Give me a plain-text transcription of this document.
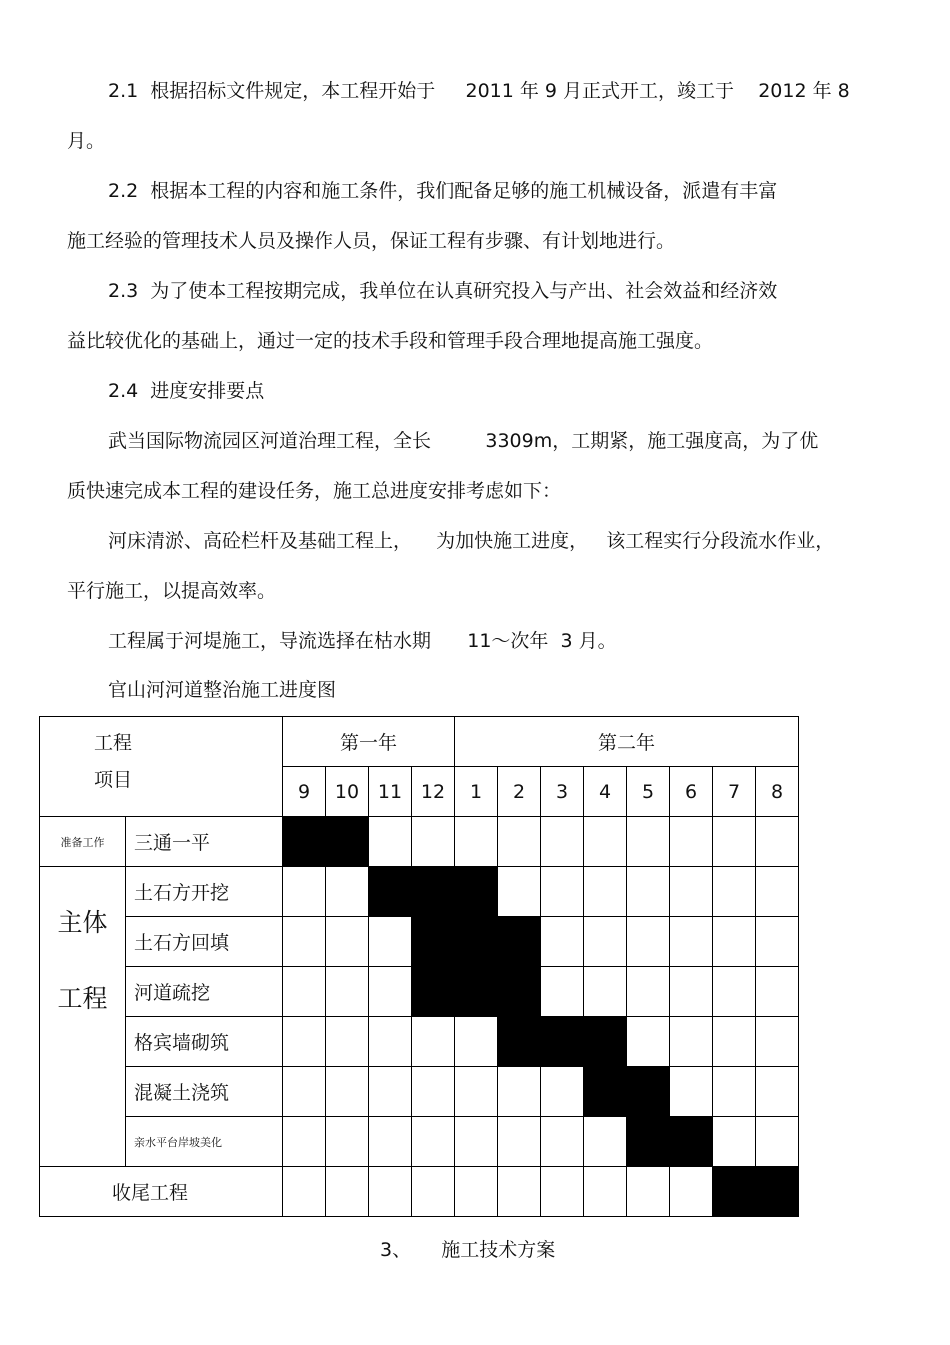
2.1  根据招标文件规定，本工程开始于     2011 年 9 月正式开工，竣工于    2012 年 8
月。
2.2  根据本工程的内容和施工条件，我们配备足够的施工机械设备，派遣有丰富
施工经验的管理技术人员及操作人员，保证工程有步骤、有计划地进行。
2.3  为了使本工程按期完成，我单位在认真研究投入与产出、社会效益和经济效
益比较优化的基础上，通过一定的技术手段和管理手段合理地提高施工强度。
2.4  进度安排要点
武当国际物流园区河道治理工程，全长         3309m，工期紧，施工强度高，为了优
质快速完成本工程的建设任务，施工总进度安排考虑如下：
河床清淤、高砼栏杆及基础工程上，    为加快施工进度，   该工程实行分段流水作业，
平行施工，以提高效率。
工程属于河堤施工，导流选择在枯水期      11～次年  3 月。
官山河河道整治施工进度图
工程		第一年				第二年							
项目		9	10	11	12	1	2	3	4	5	6	7	8
准备工作	三通一平												

主体
工程	土石方开挖												
	土石方回填												
	河道疏挖												
	格宾墙砌筑												
	混凝土浇筑												
	亲水平台岸坡美化												
收尾工程													
3、     施工技术方案
